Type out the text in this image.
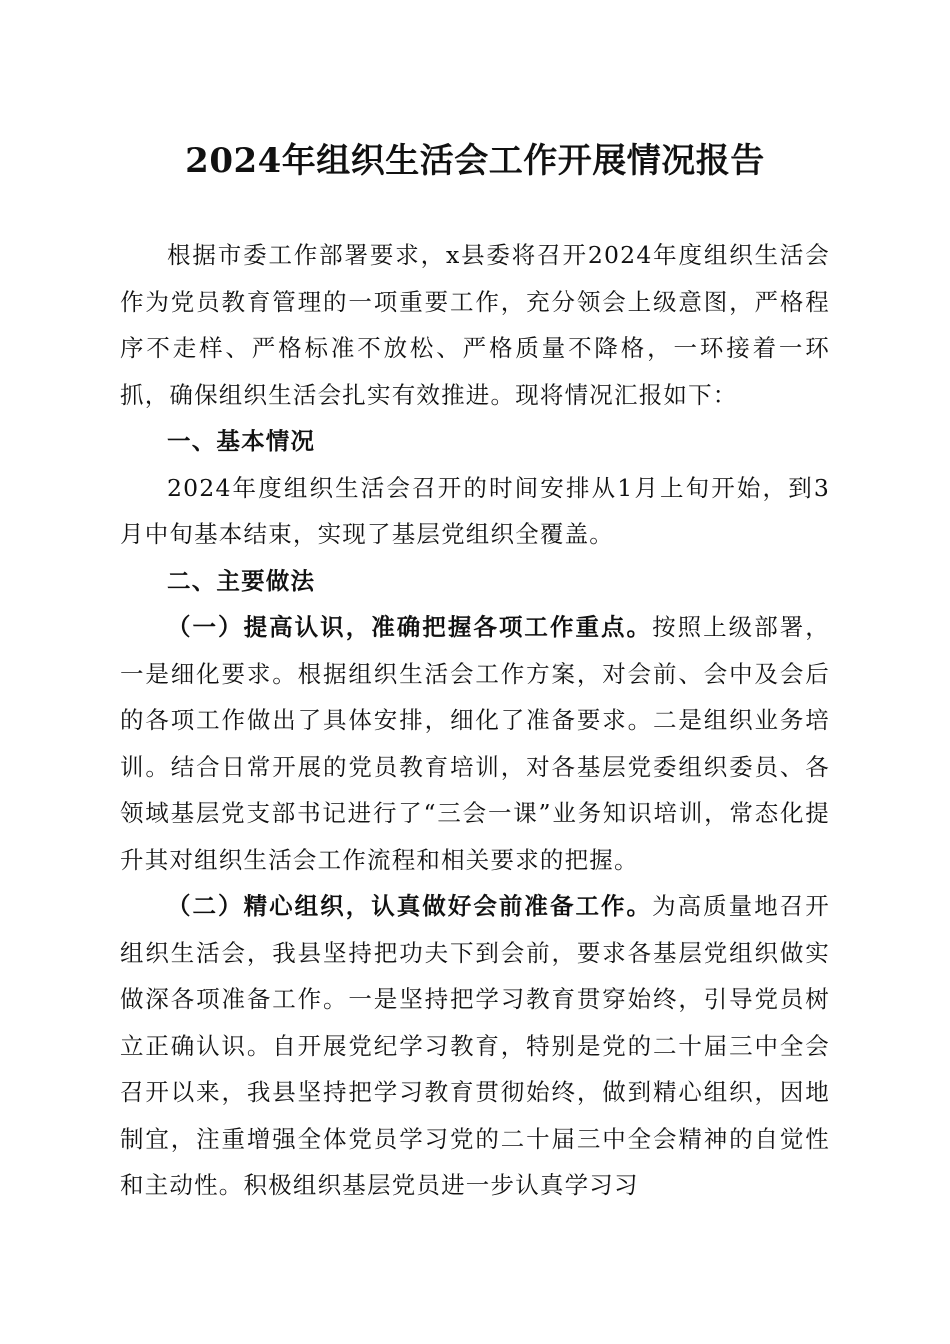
2024年组织生活会工作开展情况报告

根据市委工作部署要求，x县委将召开2024年度组织生活会作为党员教育管理的一项重要工作，充分领会上级意图，严格程序不走样、严格标准不放松、严格质量不降格，一环接着一环抓，确保组织生活会扎实有效推进。现将情况汇报如下：

一、基本情况

2024年度组织生活会召开的时间安排从1月上旬开始，到3月中旬基本结束，实现了基层党组织全覆盖。

二、主要做法

（一）提高认识，准确把握各项工作重点。按照上级部署，一是细化要求。根据组织生活会工作方案，对会前、会中及会后的各项工作做出了具体安排，细化了准备要求。二是组织业务培训。结合日常开展的党员教育培训，对各基层党委组织委员、各领域基层党支部书记进行了“三会一课”业务知识培训，常态化提升其对组织生活会工作流程和相关要求的把握。

（二）精心组织，认真做好会前准备工作。为高质量地召开组织生活会，我县坚持把功夫下到会前，要求各基层党组织做实做深各项准备工作。一是坚持把学习教育贯穿始终，引导党员树立正确认识。自开展党纪学习教育，特别是党的二十届三中全会召开以来，我县坚持把学习教育贯彻始终，做到精心组织，因地制宜，注重增强全体党员学习党的二十届三中全会精神的自觉性和主动性。积极组织基层党员进一步认真学习习
